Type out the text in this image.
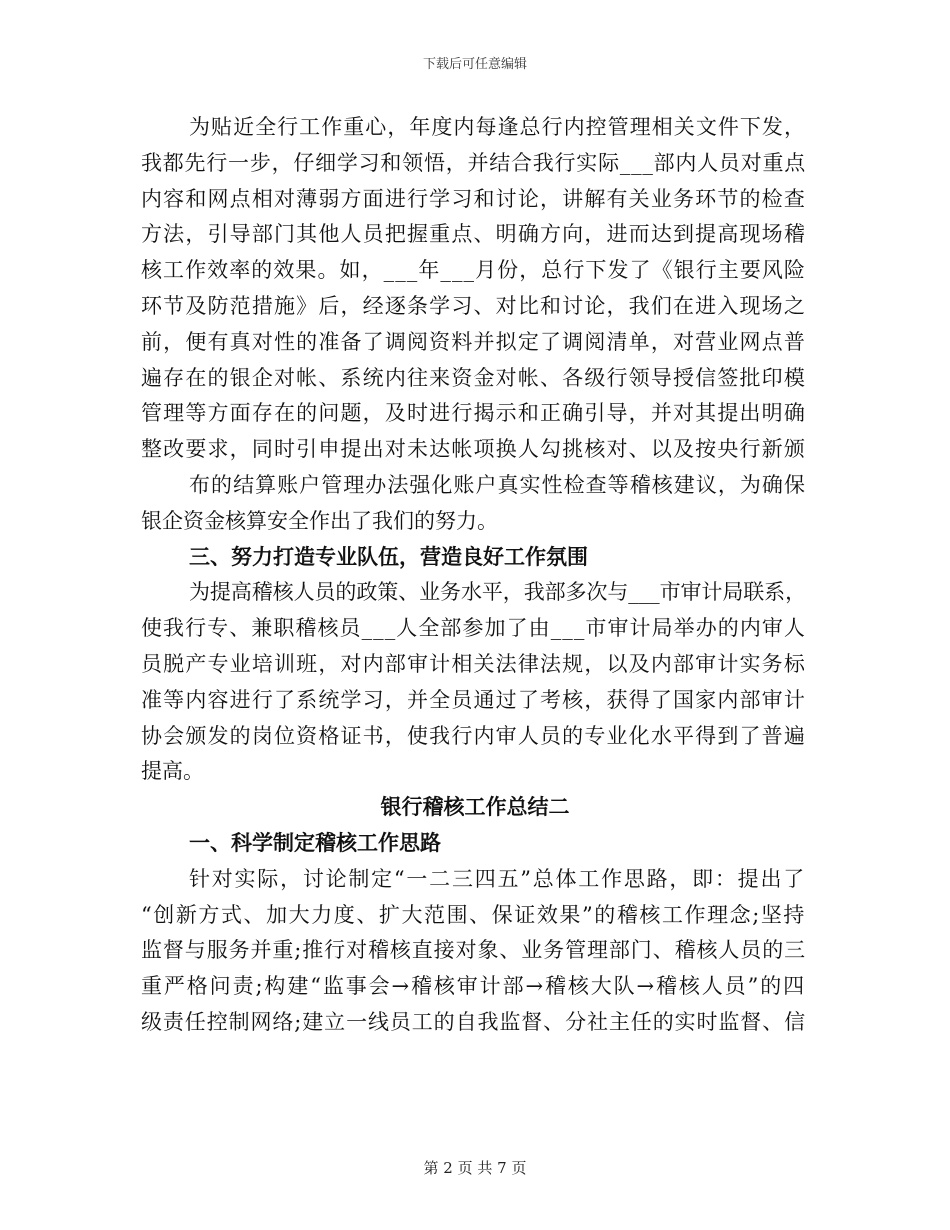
下载后可任意编辑
为贴近全行工作重心，年度内每逢总行内控管理相关文件下发，
我都先行一步，仔细学习和领悟，并结合我行实际___部内人员对重点
内容和网点相对薄弱方面进行学习和讨论，讲解有关业务环节的检查
方法，引导部门其他人员把握重点、明确方向，进而达到提高现场稽
核工作效率的效果。如，___年___月份，总行下发了《银行主要风险
环节及防范措施》后，经逐条学习、对比和讨论，我们在进入现场之
前，便有真对性的准备了调阅资料并拟定了调阅清单，对营业网点普
遍存在的银企对帐、系统内往来资金对帐、各级行领导授信签批印模
管理等方面存在的问题，及时进行揭示和正确引导，并对其提出明确
整改要求，同时引申提出对未达帐项换人勾挑核对、以及按央行新颁
布的结算账户管理办法强化账户真实性检查等稽核建议，为确保
银企资金核算安全作出了我们的努力。
三、努力打造专业队伍，营造良好工作氛围
为提高稽核人员的政策、业务水平，我部多次与___市审计局联系，
使我行专、兼职稽核员___人全部参加了由___市审计局举办的内审人
员脱产专业培训班，对内部审计相关法律法规，以及内部审计实务标
准等内容进行了系统学习，并全员通过了考核，获得了国家内部审计
协会颁发的岗位资格证书，使我行内审人员的专业化水平得到了普遍
提高。
银行稽核工作总结二
一、科学制定稽核工作思路
针对实际，讨论制定“一二三四五”总体工作思路，即：提出了
“创新方式、加大力度、扩大范围、保证效果”的稽核工作理念;坚持
监督与服务并重;推行对稽核直接对象、业务管理部门、稽核人员的三
重严格问责;构建“监事会→稽核审计部→稽核大队→稽核人员”的四
级责任控制网络;建立一线员工的自我监督、分社主任的实时监督、信
第 2 页 共 7 页
